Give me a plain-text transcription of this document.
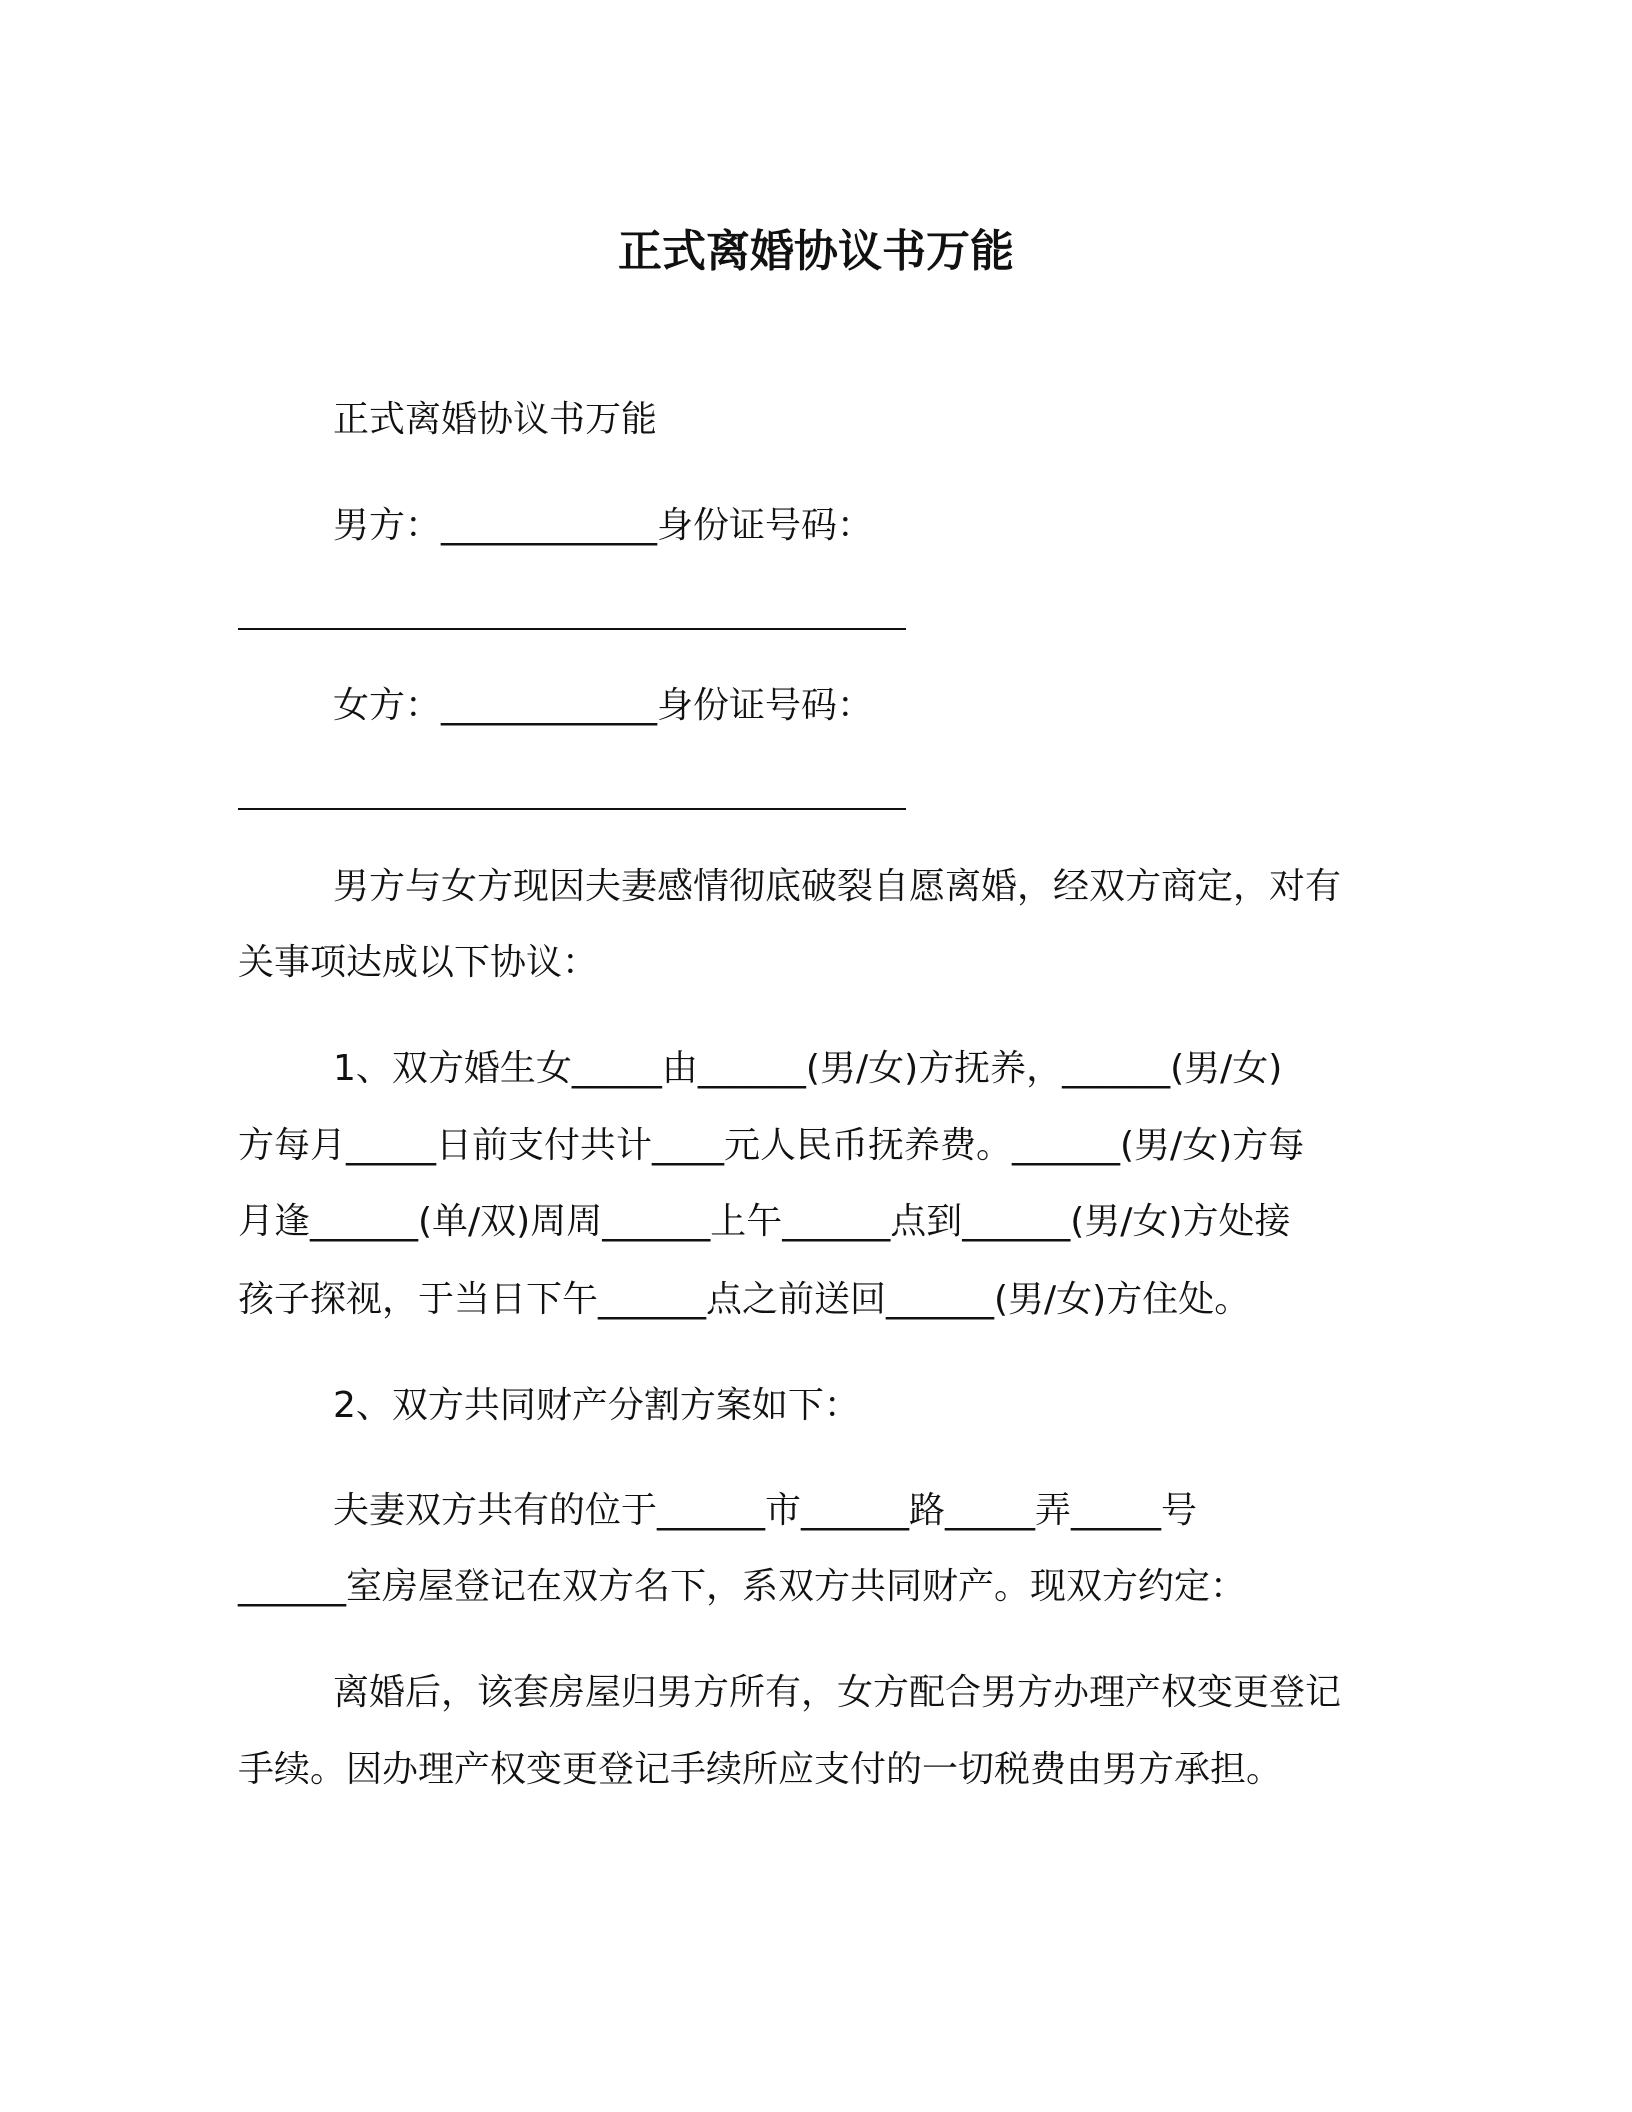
正式离婚协议书万能
正式离婚协议书万能
男方：____________身份证号码：
女方：____________身份证号码：
男方与女方现因夫妻感情彻底破裂自愿离婚，经双方商定，对有
关事项达成以下协议：
1、双方婚生女_____由______(男/女)方抚养，______(男/女)
方每月_____日前支付共计____元人民币抚养费。______(男/女)方每
月逢______(单/双)周周______上午______点到______(男/女)方处接
孩子探视，于当日下午______点之前送回______(男/女)方住处。
2、双方共同财产分割方案如下：
夫妻双方共有的位于______市______路_____弄_____号
______室房屋登记在双方名下，系双方共同财产。现双方约定：
离婚后，该套房屋归男方所有，女方配合男方办理产权变更登记
手续。因办理产权变更登记手续所应支付的一切税费由男方承担。
